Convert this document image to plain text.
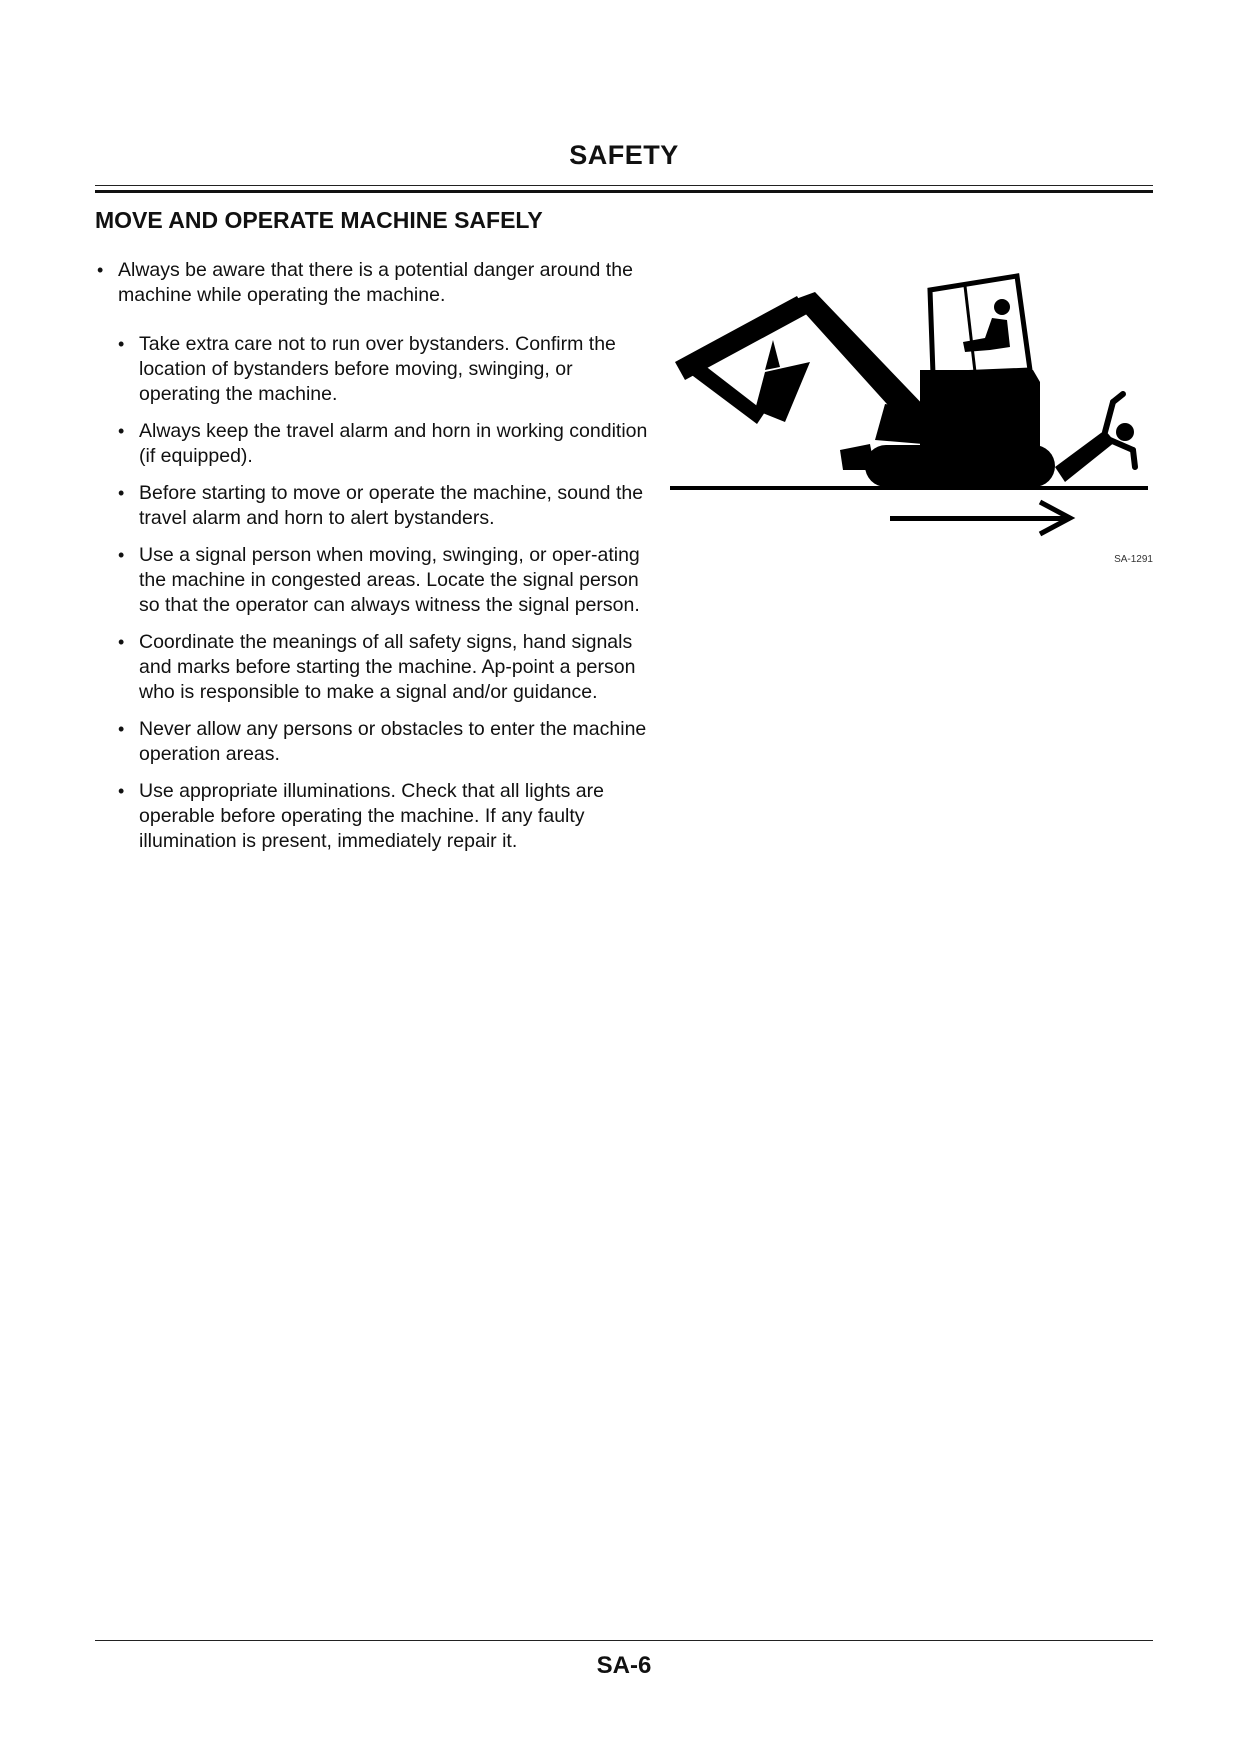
SAFETY
MOVE AND OPERATE MACHINE SAFELY
• Always be aware that there is a potential danger around the machine while operating the machine.
• Take extra care not to run over bystanders. Confirm the location of bystanders before moving, swinging, or operating the machine.
• Always keep the travel alarm and horn in working condition (if equipped).
• Before starting to move or operate the machine, sound the travel alarm and horn to alert bystanders.
• Use a signal person when moving, swinging, or oper-ating the machine in congested areas. Locate the signal person so that the operator can always witness the signal person.
• Coordinate the meanings of all safety signs, hand signals and marks before starting the machine. Ap-point a person who is responsible to make a signal and/or guidance.
• Never allow any persons or obstacles to enter the machine operation areas.
• Use appropriate illuminations. Check that all lights are operable before operating the machine. If any faulty illumination is present, immediately repair it.
SA-1291
SA-6
